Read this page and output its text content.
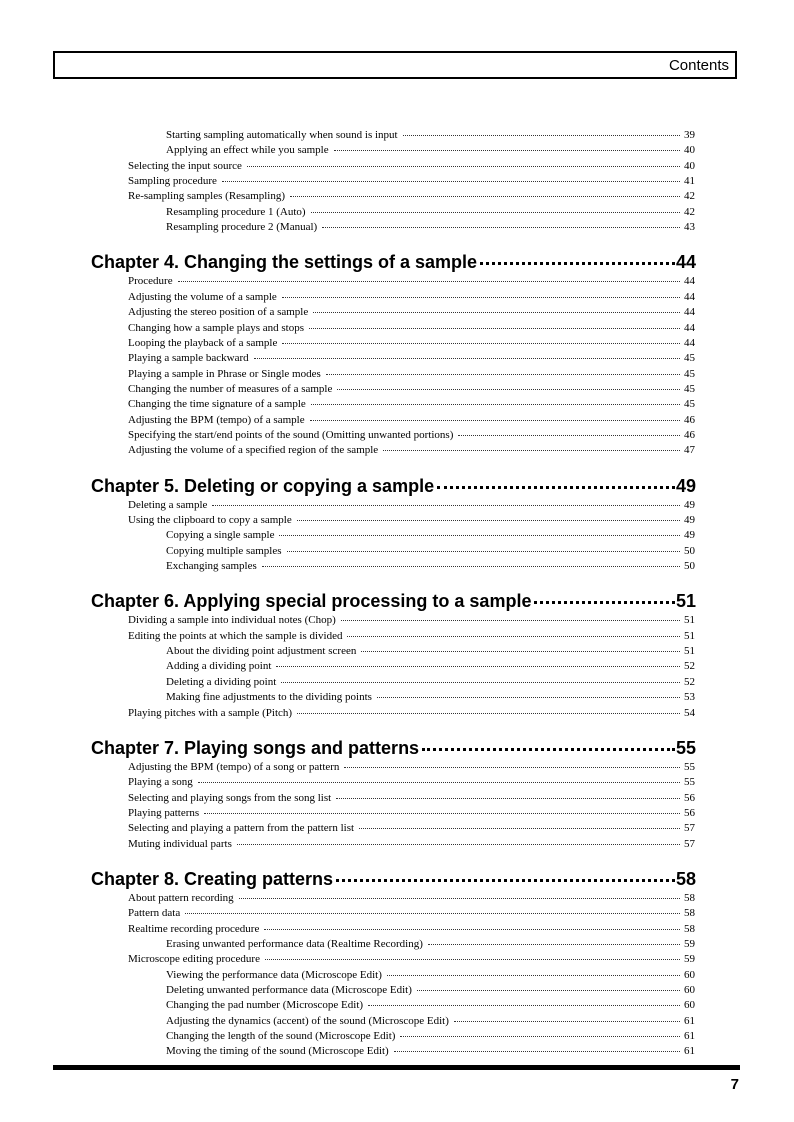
Contents
Starting sampling automatically when sound is input	39
Applying an effect while you sample	40
Selecting the input source	40
Sampling procedure	41
Re-sampling samples (Resampling)	42
Resampling procedure 1 (Auto)	42
Resampling procedure 2 (Manual)	43
Chapter 4. Changing the settings of a sample	44
Procedure	44
Adjusting the volume of a sample	44
Adjusting the stereo position of a sample	44
Changing how a sample plays and stops	44
Looping the playback of a sample	44
Playing a sample backward	45
Playing a sample in Phrase or Single modes	45
Changing the number of measures of a sample	45
Changing the time signature of a sample	45
Adjusting the BPM (tempo) of a sample	46
Specifying the start/end points of the sound (Omitting unwanted portions)	46
Adjusting the volume of a specified region of the sample	47
Chapter 5. Deleting or copying a sample	49
Deleting a sample	49
Using the clipboard to copy a sample	49
Copying a single sample	49
Copying multiple samples	50
Exchanging samples	50
Chapter 6. Applying special processing to a sample	51
Dividing a sample into individual notes (Chop)	51
Editing the points at which the sample is divided	51
About the dividing point adjustment screen	51
Adding a dividing point	52
Deleting a dividing point	52
Making fine adjustments to the dividing points	53
Playing pitches with a sample (Pitch)	54
Chapter 7. Playing songs and patterns	55
Adjusting the BPM (tempo) of a song or pattern	55
Playing a song	55
Selecting and playing songs from the song list	56
Playing patterns	56
Selecting and playing a pattern from the pattern list	57
Muting individual parts	57
Chapter 8. Creating patterns	58
About pattern recording	58
Pattern data	58
Realtime recording procedure	58
Erasing unwanted performance data (Realtime Recording)	59
Microscope editing procedure	59
Viewing the performance data (Microscope Edit)	60
Deleting unwanted performance data (Microscope Edit)	60
Changing the pad number (Microscope Edit)	60
Adjusting the dynamics (accent) of the sound (Microscope Edit)	61
Changing the length of the sound (Microscope Edit)	61
Moving the timing of the sound (Microscope Edit)	61
7
